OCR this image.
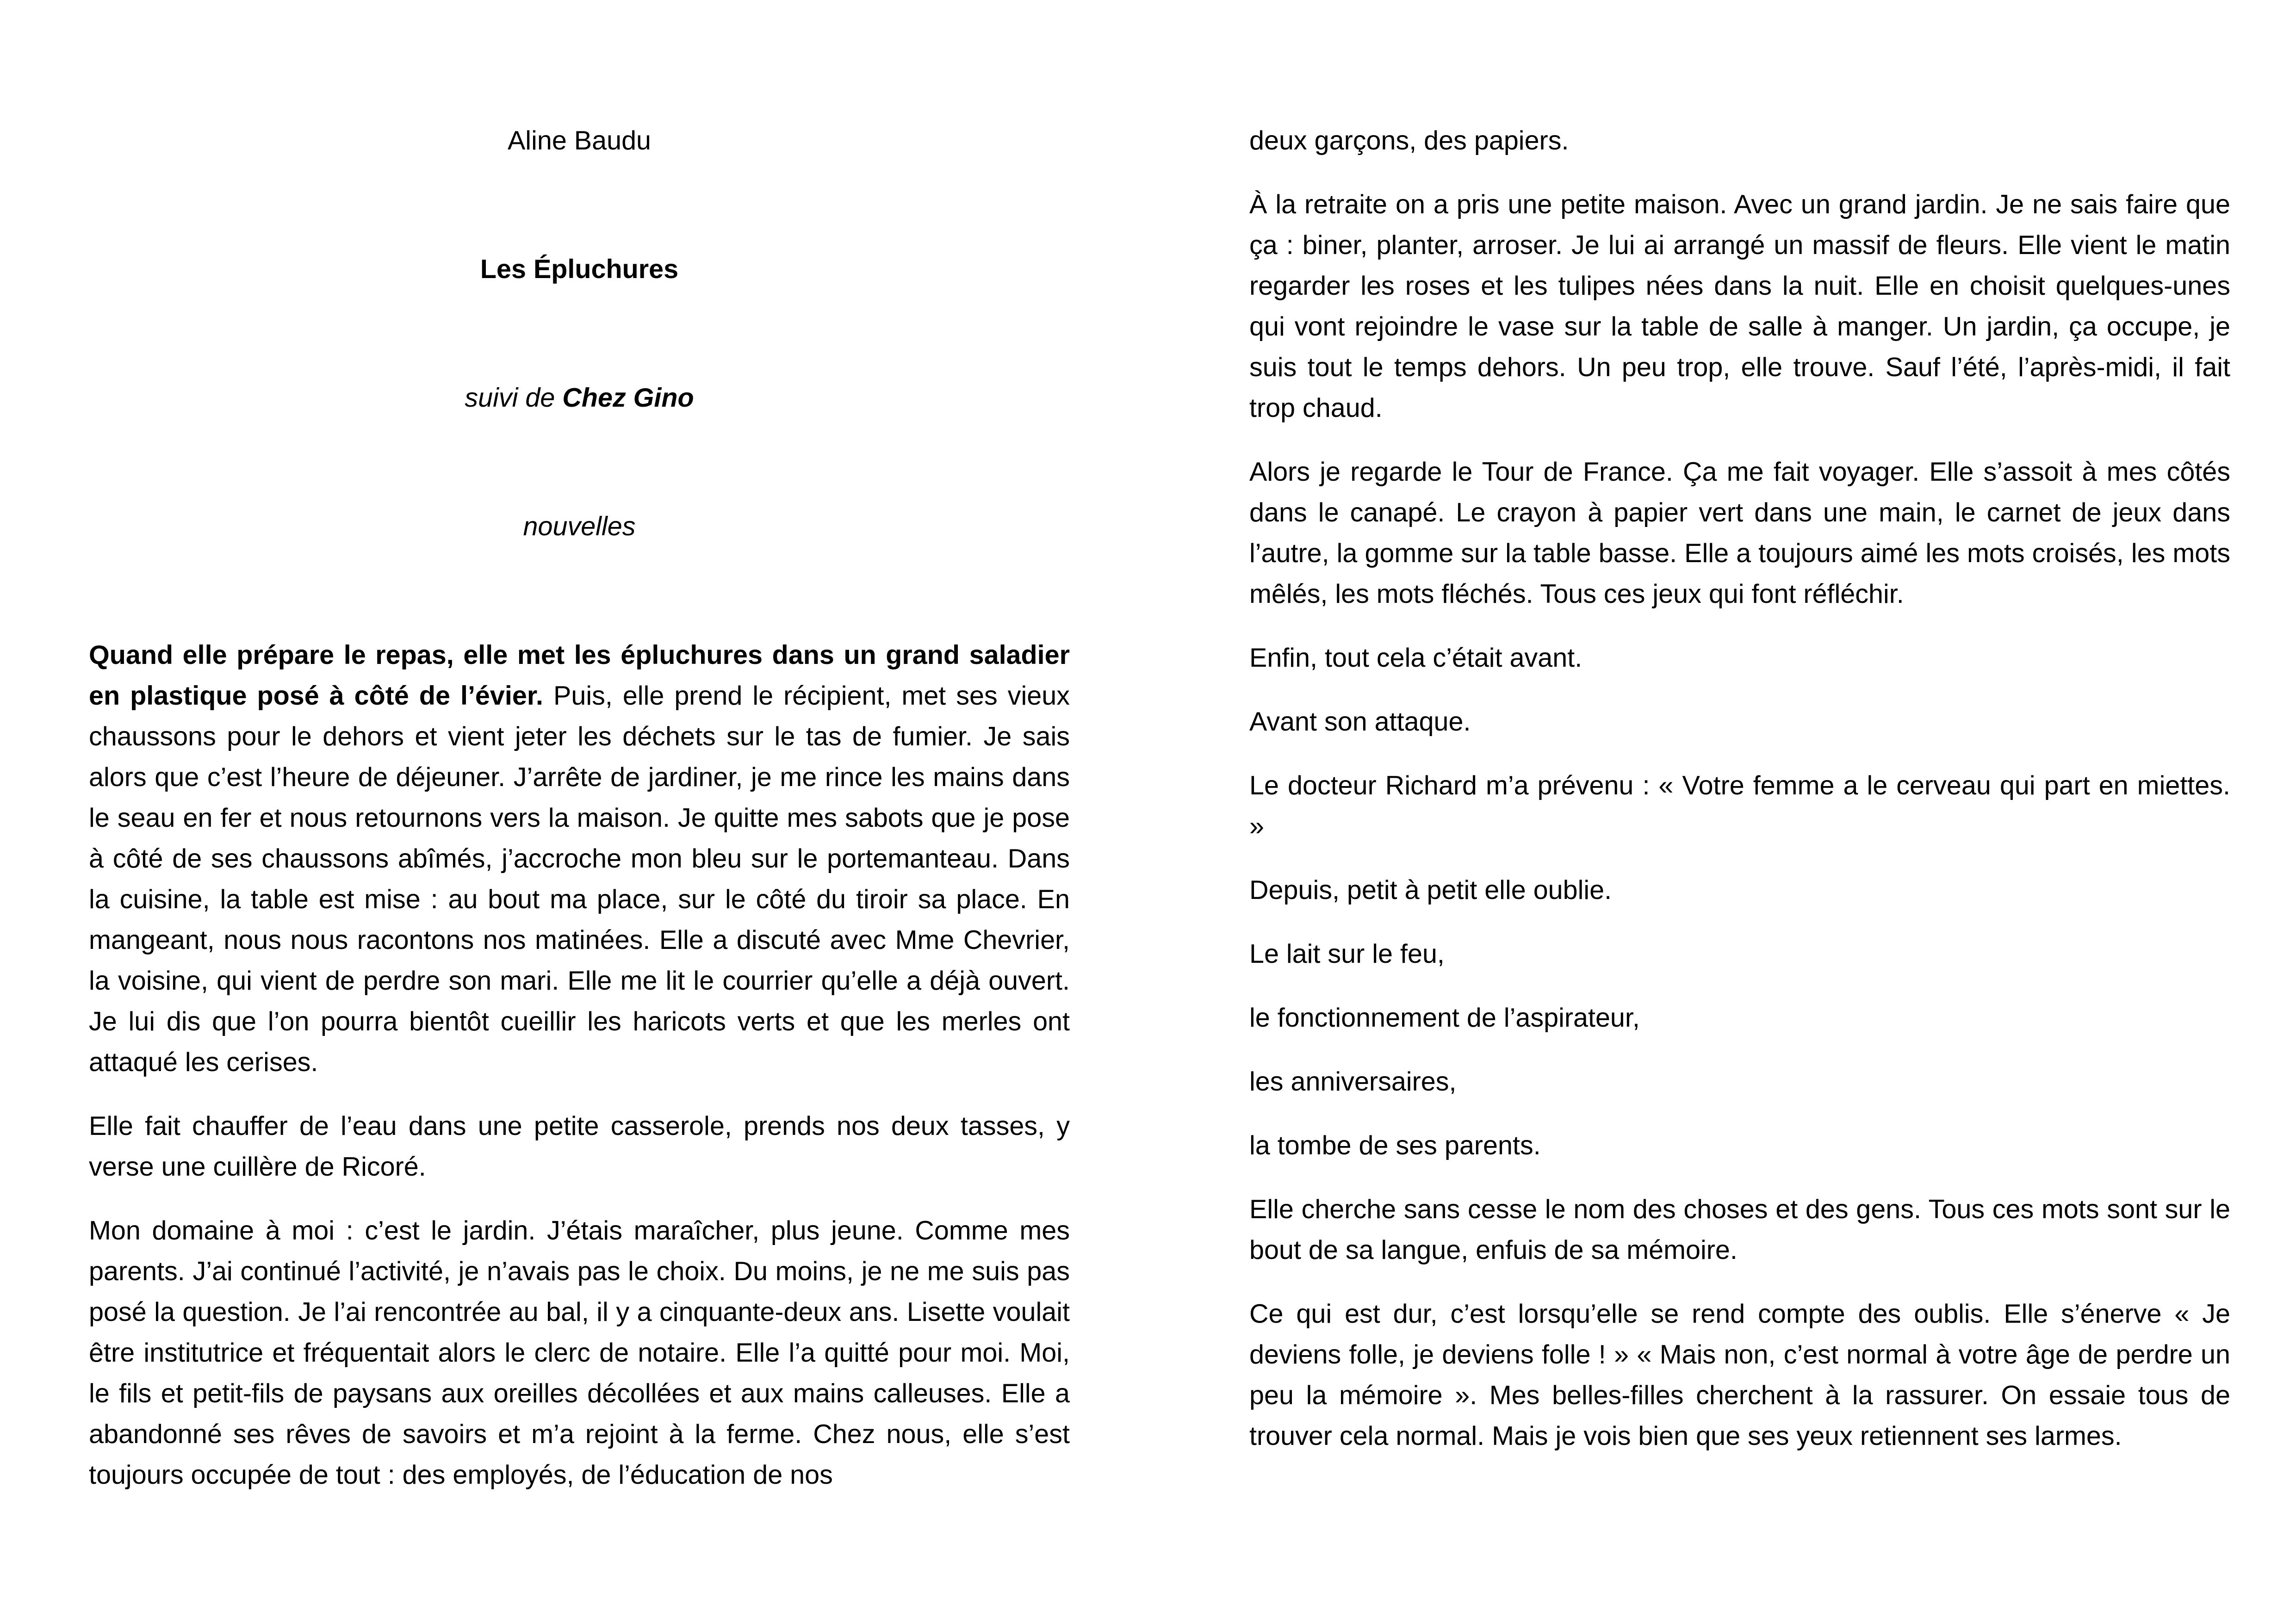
Aline Baudu

Les Épluchures

suivi de Chez Gino

nouvelles

Quand elle prépare le repas, elle met les épluchures dans un grand saladier en plastique posé à côté de l’évier. Puis, elle prend le récipient, met ses vieux chaussons pour le dehors et vient jeter les déchets sur le tas de fumier. Je sais alors que c’est l’heure de déjeuner. J’arrête de jardiner, je me rince les mains dans le seau en fer et nous retournons vers la maison. Je quitte mes sabots que je pose à côté de ses chaussons abîmés, j’accroche mon bleu sur le portemanteau. Dans la cuisine, la table est mise : au bout ma place, sur le côté du tiroir sa place. En mangeant, nous nous racontons nos matinées. Elle a discuté avec Mme Chevrier, la voisine, qui vient de perdre son mari. Elle me lit le courrier qu’elle a déjà ouvert. Je lui dis que l’on pourra bientôt cueillir les haricots verts et que les merles ont attaqué les cerises.

Elle fait chauffer de l’eau dans une petite casserole, prends nos deux tasses, y verse une cuillère de Ricoré.

Mon domaine à moi : c’est le jardin. J’étais maraîcher, plus jeune. Comme mes parents. J’ai continué l’activité, je n’avais pas le choix. Du moins, je ne me suis pas posé la question. Je l’ai rencontrée au bal, il y a cinquante-deux ans. Lisette voulait être institutrice et fréquentait alors le clerc de notaire. Elle l’a quitté pour moi. Moi, le fils et petit-fils de paysans aux oreilles décollées et aux mains calleuses. Elle a abandonné ses rêves de savoirs et m’a rejoint à la ferme. Chez nous, elle s’est toujours occupée de tout : des employés, de l’éducation de nos

deux garçons, des papiers.

À la retraite on a pris une petite maison. Avec un grand jardin. Je ne sais faire que ça : biner, planter, arroser. Je lui ai arrangé un massif de fleurs. Elle vient le matin regarder les roses et les tulipes nées dans la nuit. Elle en choisit quelques-unes qui vont rejoindre le vase sur la table de salle à manger. Un jardin, ça occupe, je suis tout le temps dehors. Un peu trop, elle trouve. Sauf l’été, l’après-midi, il fait trop chaud.

Alors je regarde le Tour de France. Ça me fait voyager. Elle s’assoit à mes côtés dans le canapé. Le crayon à papier vert dans une main, le carnet de jeux dans l’autre, la gomme sur la table basse. Elle a toujours aimé les mots croisés, les mots mêlés, les mots fléchés. Tous ces jeux qui font réfléchir.

Enfin, tout cela c’était avant.

Avant son attaque.

Le docteur Richard m’a prévenu : « Votre femme a le cerveau qui part en miettes. »

Depuis, petit à petit elle oublie.

Le lait sur le feu,

le fonctionnement de l’aspirateur,

les anniversaires,

la tombe de ses parents.

Elle cherche sans cesse le nom des choses et des gens. Tous ces mots sont sur le bout de sa langue, enfuis de sa mémoire.

Ce qui est dur, c’est lorsqu’elle se rend compte des oublis. Elle s’énerve « Je deviens folle, je deviens folle ! » « Mais non, c’est normal à votre âge de perdre un peu la mémoire ». Mes belles-filles cherchent à la rassurer. On essaie tous de trouver cela normal. Mais je vois bien que ses yeux retiennent ses larmes.
